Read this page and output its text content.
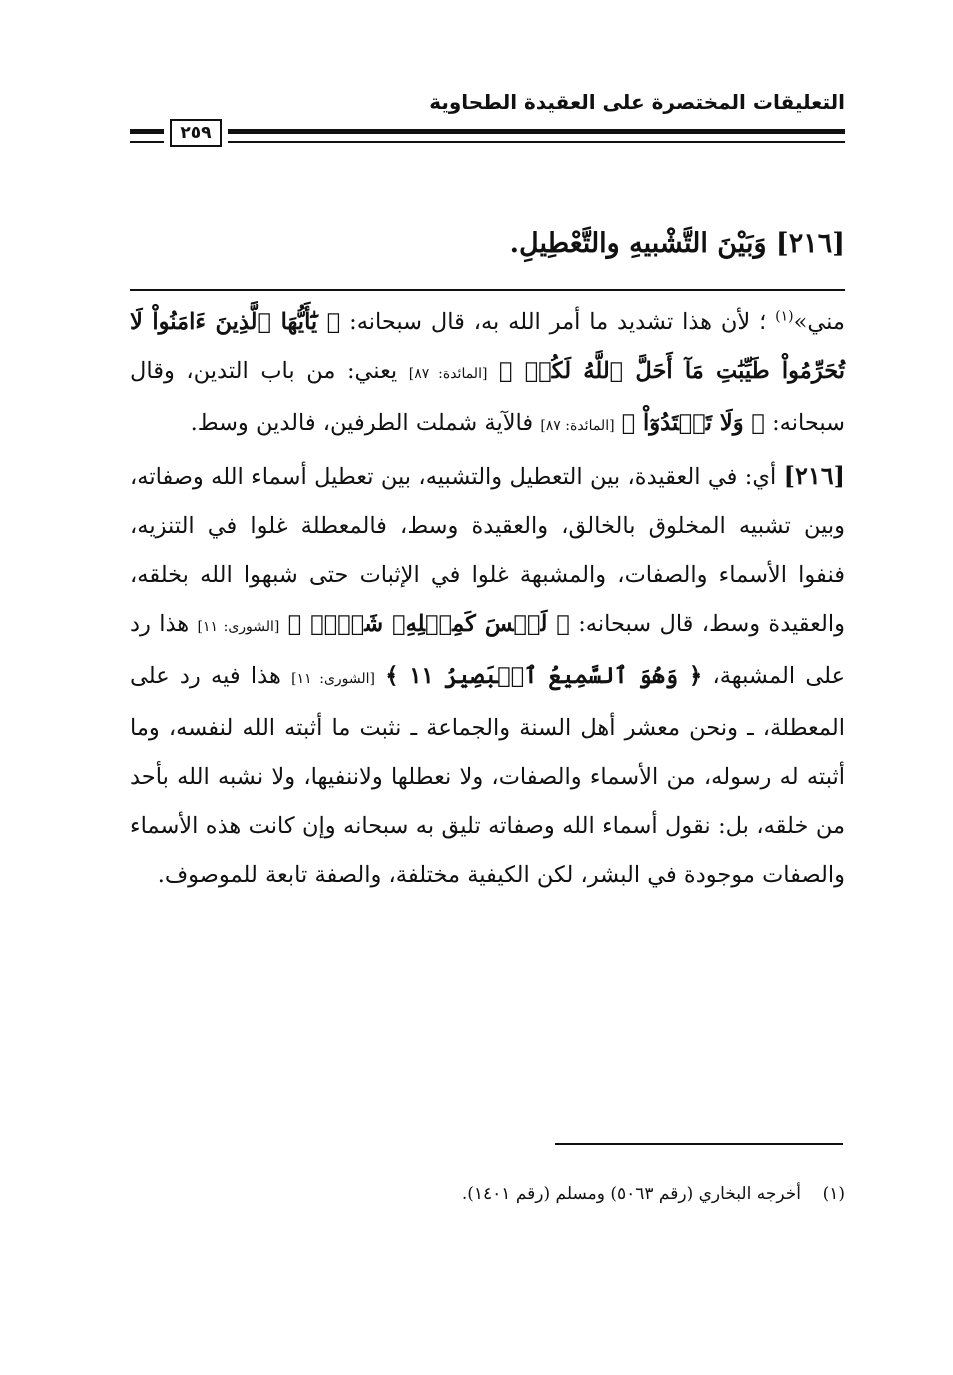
التعليقات المختصرة على العقيدة الطحاوية
٢٥٩
[٢١٦] وَبَيْنَ التَّشْبيهِ والتَّعْطِيلِ.

مني»$^{(١)}$ ؛ لأن هذا تشديد ما أمر الله به، قال سبحانه: ﴿ يَٰٓأَيُّهَا ٱلَّذِينَ ءَامَنُواْ لَا تُحَرِّمُواْ طَيِّبَٰتِ مَآ أَحَلَّ ٱللَّهُ لَكُمۡ ﴾ [المائدة: ٨٧] يعني: من باب التدين، وقال سبحانه: ﴿ وَلَا تَعۡتَدُوٓاْ ﴾ [المائدة: ٨٧] فالآية شملت الطرفين، فالدين وسط.

[٢١٦] أي: في العقيدة، بين التعطيل والتشبيه، بين تعطيل أسماء الله وصفاته، وبين تشبيه المخلوق بالخالق، والعقيدة وسط، فالمعطلة غلوا في التنزيه، فنفوا الأسماء والصفات، والمشبهة غلوا في الإثبات حتى شبهوا الله بخلقه، والعقيدة وسط، قال سبحانه: ﴿ لَيۡسَ كَمِثۡلِهِۦ شَيۡءٞ ﴾ [الشورى: ١١] هذا رد على المشبهة، ﴿ وَهُوَ ٱلسَّمِيعُ ٱلۡبَصِيرُ ١١ ﴾ [الشورى: ١١] هذا فيه رد على المعطلة، ـ ونحن معشر أهل السنة والجماعة ـ نثبت ما أثبته الله لنفسه، وما أثبته له رسوله، من الأسماء والصفات، ولا نعطلها ولاننفيها، ولا نشبه الله بأحد من خلقه، بل: نقول أسماء الله وصفاته تليق به سبحانه وإن كانت هذه الأسماء والصفات موجودة في البشر، لكن الكيفية مختلفة، والصفة تابعة للموصوف.

(١)    أخرجه البخاري (رقم ٥٠٦٣) ومسلم (رقم ١٤٠١).
